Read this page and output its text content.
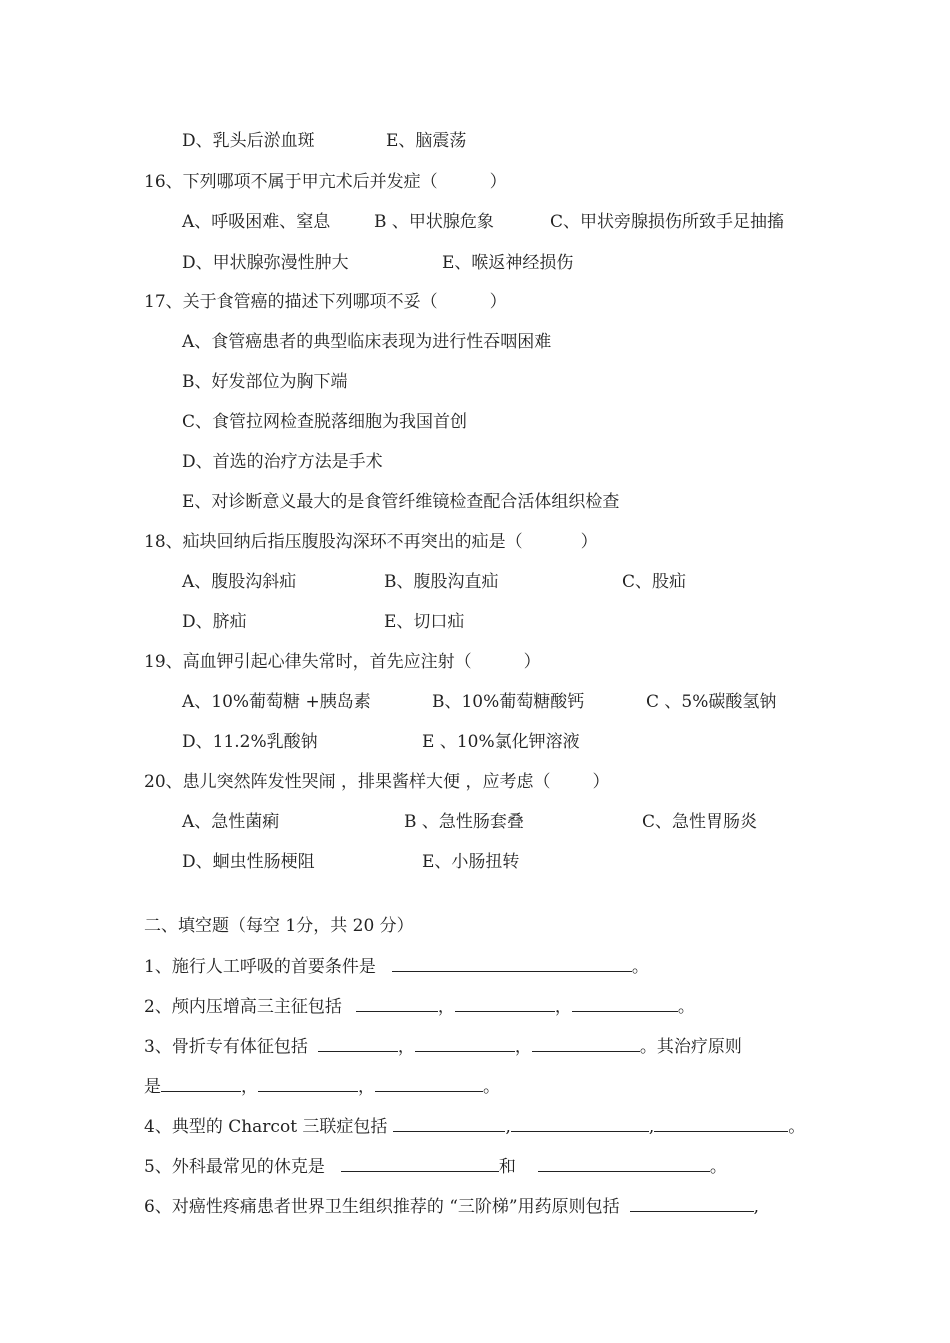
D、乳头后淤血斑	E、脑震荡
16、下列哪项不属于甲亢术后并发症（	）
A、呼吸困难、窒息	B 、甲状腺危象	C、甲状旁腺损伤所致手足抽搐
D、甲状腺弥漫性肿大	E、喉返神经损伤
17、关于食管癌的描述下列哪项不妥（	）
A、食管癌患者的典型临床表现为进行性吞咽困难
B、好发部位为胸下端
C、食管拉网检查脱落细胞为我国首创
D、首选的治疗方法是手术
E、对诊断意义最大的是食管纤维镜检查配合活体组织检查
18、疝块回纳后指压腹股沟深环不再突出的疝是（	）
A、腹股沟斜疝	B、腹股沟直疝	C、股疝
D、脐疝	E、切口疝
19、高血钾引起心律失常时，首先应注射（	）
A、10%葡萄糖 +胰岛素	B、10%葡萄糖酸钙	C 、5%碳酸氢钠
D、11.2%乳酸钠	E 、10%氯化钾溶液
20、患儿突然阵发性哭闹 ，排果酱样大便 ，应考虑（ ）
A、急性菌痢	B 、急性肠套叠	C、急性胃肠炎
D、蛔虫性肠梗阻	E、小肠扭转
二、填空题（每空 1分，共 20 分）
1、施行人工呼吸的首要条件是	。
2、颅内压增高三主征包括	，	，	。
3、骨折专有体征包括	，	，	。其治疗原则
是	，	，	。
4、典型的 Charcot 三联症包括	,	,	。
5、外科最常见的休克是	和	。
6、对癌性疼痛患者世界卫生组织推荐的 “三阶梯”用药原则包括	,
